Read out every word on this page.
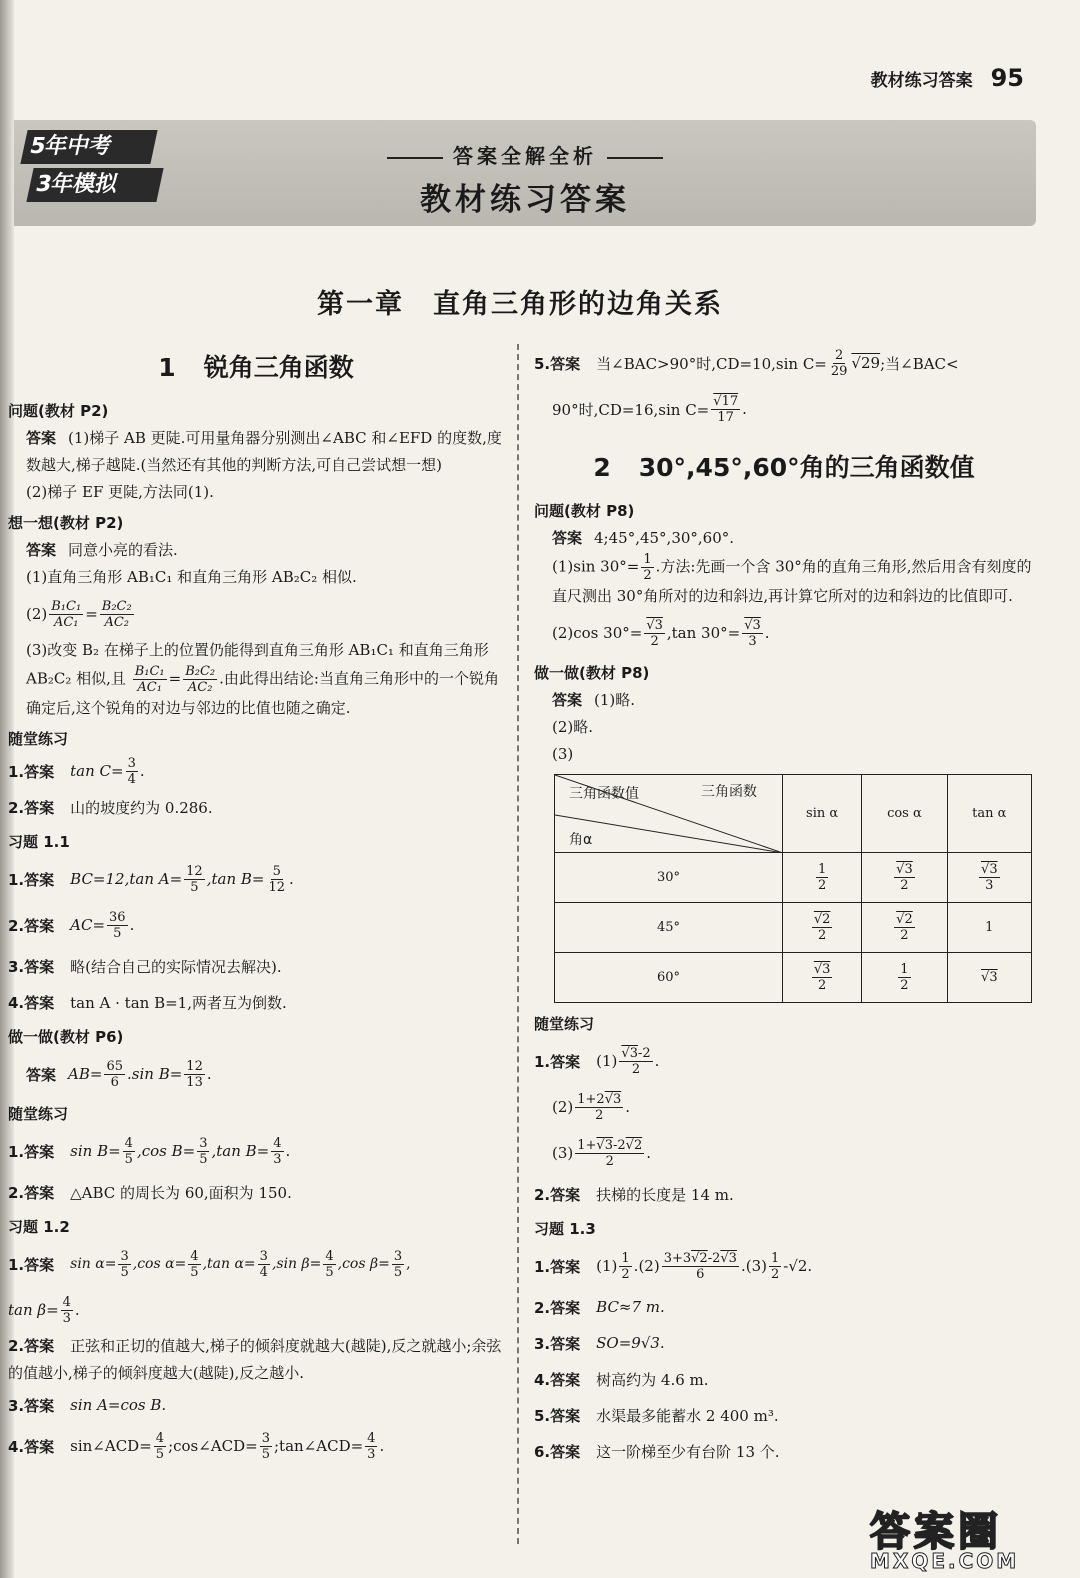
教材练习答案 95
5年中考
3年模拟
答案全解全析
教材练习答案
第一章　直角三角形的边角关系
1 锐角三角函数
问题(教材 P2)
答案 (1)梯子 AB 更陡.可用量角器分别测出∠ABC 和∠EFD 的度数,度数越大,梯子越陡.(当然还有其他的判断方法,可自己尝试想一想)
(2)梯子 EF 更陡,方法同(1).
想一想(教材 P2)
答案 同意小亮的看法.
(1)直角三角形 AB₁C₁ 和直角三角形 AB₂C₂ 相似.
$(2) \frac{\text{B₁C₁}}{\text{AC₁}} = \frac{\text{B₂C₂}}{\text{AC₂}}$
(3)改变 B₂ 在梯子上的位置仍能得到直角三角形 AB₁C₁ 和直角三角形 AB₂C₂ 相似,且 $\frac{\text{B₁C₁}}{\text{AC₁}} = \frac{\text{B₂C₂}}{\text{AC₂}}$ .由此得出结论:当直角三角形中的一个锐角确定后,这个锐角的对边与邻边的比值也随之确定.
随堂练习
1.答案 $\tan C= \frac{3}{4}$ .
2.答案 山的坡度约为 0.286.
习题 1.1
1.答案 BC=12,tan $A= \frac{12}{5} ,\tan$ $B= \frac{5}{12}$ .
2.答案 $AC= \frac{36}{5}$ .
3.答案 略(结合自己的实际情况去解决).
4.答案 tan A · tan B=1,两者互为倒数.
做一做(教材 P6)
答案 $AB= \frac{65}{6} .\sin$ $B= \frac{12}{13}$ .
随堂练习
1.答案 $\sin B= \frac{4}{5} ,\cos$ $B= \frac{3}{5} ,\tan$ $B= \frac{4}{3}$ .
2.答案 △ABC 的周长为 60,面积为 150.
习题 1.2
1.答案 $\sin \alpha= \frac{3}{5} ,\cos$ $\alpha= \frac{4}{5} ,\tan$ $\alpha= \frac{3}{4} ,\sin$ $\beta= \frac{4}{5} ,\cos$ $\beta= \frac{3}{5}$ ,
$\tan \beta= \frac{4}{3}$ .
2.答案 正弦和正切的值越大,梯子的倾斜度就越大(越陡),反之就越小;余弦的值越小,梯子的倾斜度越大(越陡),反之越小.
3.答案 sin A=cos B.
4.答案 sin∠ACD= $\frac{4}{5}$ ;cos∠ACD= $\frac{3}{5}$ ;tan∠ACD= $\frac{4}{3}$ .
5.答案 当∠BAC>90°时,CD=10,sin $C= \frac{2}{29}$ √ 29 ;当∠BAC<
90°时,CD=16,sin C= √ $\frac{17}{17}$ .
2 30°,45°,60°角的三角函数值
问题(教材 P8)
答案 4;45°,45°,30°,60°.
(1)sin $30^\circ= \frac{1}{2}$ .方法:先画一个含 30°角的直角三角形,然后用含有刻度的直尺测出 30°角所对的边和斜边,再计算它所对的边和斜边的比值即可.
(2)cos 30°= √ $\frac{3}{2} ,\tan$ 30°= √ $\frac{3}{3}$ .
做一做(教材 P8)
答案 (1)略.
(2)略.
(3)
三角函数值 三角函数
角α	sin α	cos α	tan α
30°	$\frac{1}{2}$	√ $\frac{3}{2}$	√ $\frac{3}{3}$

45°	√ $\frac{2}{2}$	√ $\frac{2}{2}$	1
60°	√ $\frac{3}{2}$	$\frac{1}{2}$	√ 3
随堂练习
1.答案 (1) √ $\frac{3-2}{2}$ .
$(2) \frac{1+2 √ 3}{2}$ .
$(3) \frac{1+ √ 3-2 √ 2}{2}$ .
2.答案 扶梯的长度是 14 m.
习题 1.3
1.答案 $(1) \frac{1}{2} .(2) \frac{3+3 √ 2-2 √ 3}{6} .(3) \frac{1}{2} -√2$.
2.答案 BC≈7 m.
3.答案 SO=9√3.
4.答案 树高约为 4.6 m.
5.答案 水渠最多能蓄水 2 400 m³.
6.答案 这一阶梯至少有台阶 13 个.
答案圈
MXQE.COM
